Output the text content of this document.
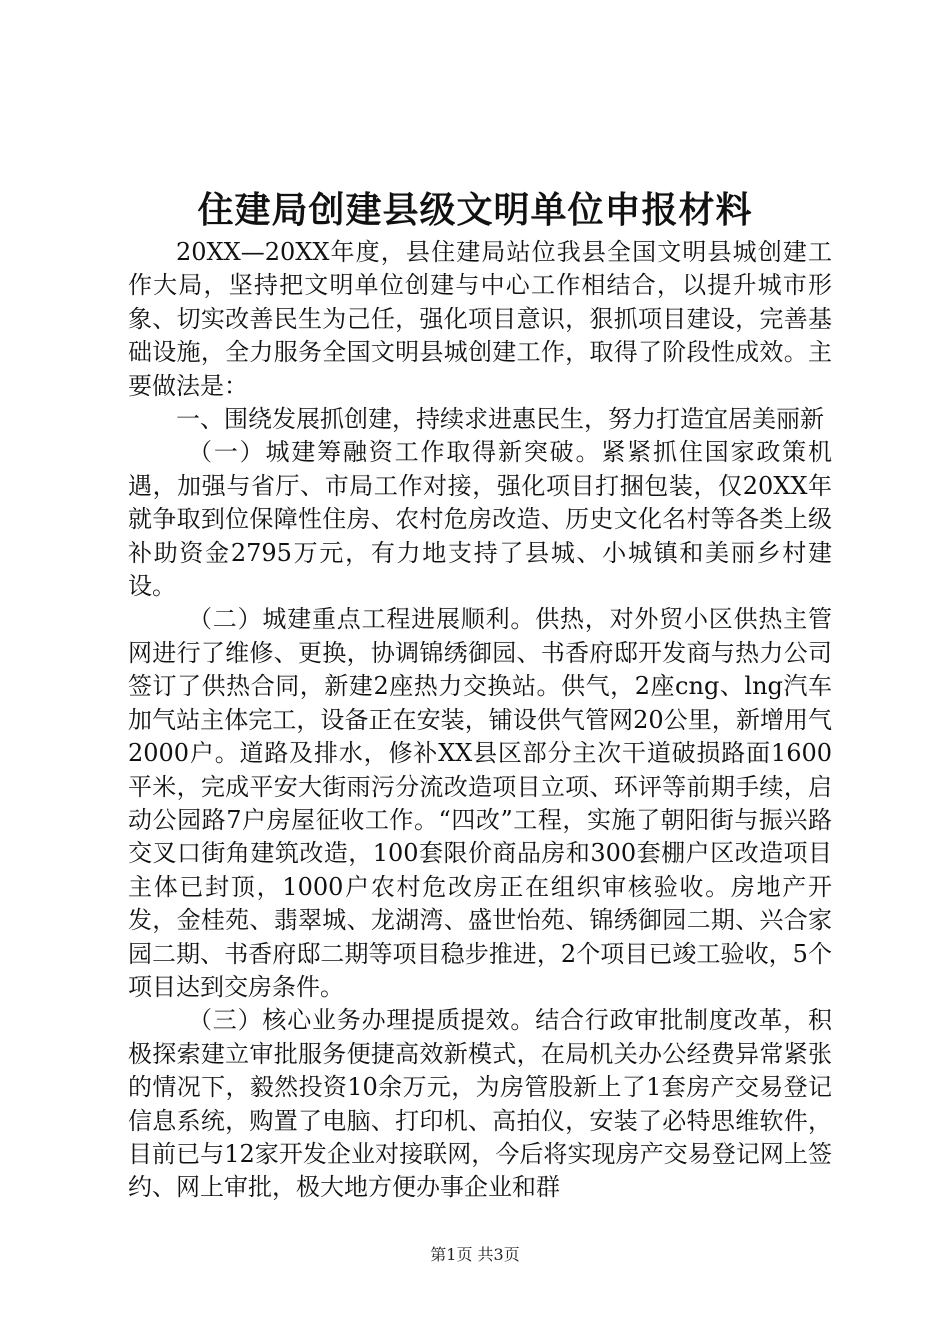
住建局创建县级文明单位申报材料

20XX—20XX年度，县住建局站位我县全国文明县城创建工作大局，坚持把文明单位创建与中心工作相结合，以提升城市形象、切实改善民生为己任，强化项目意识，狠抓项目建设，完善基础设施，全力服务全国文明县城创建工作，取得了阶段性成效。主要做法是：

一、围绕发展抓创建，持续求进惠民生，努力打造宜居美丽新

（一）城建筹融资工作取得新突破。紧紧抓住国家政策机遇，加强与省厅、市局工作对接，强化项目打捆包装，仅20XX年就争取到位保障性住房、农村危房改造、历史文化名村等各类上级补助资金2795万元，有力地支持了县城、小城镇和美丽乡村建设。

（二）城建重点工程进展顺利。供热，对外贸小区供热主管网进行了维修、更换，协调锦绣御园、书香府邸开发商与热力公司签订了供热合同，新建2座热力交换站。供气，2座cng、lng汽车加气站主体完工，设备正在安装，铺设供气管网20公里，新增用气2000户。道路及排水，修补XX县区部分主次干道破损路面1600平米，完成平安大街雨污分流改造项目立项、环评等前期手续，启动公园路7户房屋征收工作。“四改”工程，实施了朝阳街与振兴路交叉口街角建筑改造，100套限价商品房和300套棚户区改造项目主体已封顶，1000户农村危改房正在组织审核验收。房地产开发，金桂苑、翡翠城、龙湖湾、盛世怡苑、锦绣御园二期、兴合家园二期、书香府邸二期等项目稳步推进，2个项目已竣工验收，5个项目达到交房条件。

（三）核心业务办理提质提效。结合行政审批制度改革，积极探索建立审批服务便捷高效新模式，在局机关办公经费异常紧张的情况下，毅然投资10余万元，为房管股新上了1套房产交易登记信息系统，购置了电脑、打印机、高拍仪，安装了必特思维软件，目前已与12家开发企业对接联网，今后将实现房产交易登记网上签约、网上审批，极大地方便办事企业和群

第1页 共3页
